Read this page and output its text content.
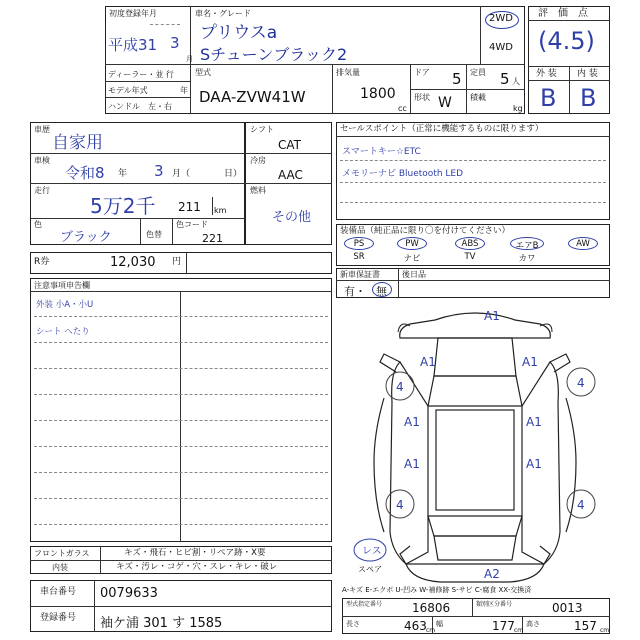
初度登録年月
平成31 3
月
車名・グレード
プリウスa
Sチューンブラック2
2WD
4WD
評　価　点
(4.5)
外 装 内 装
B B
ディーラー・並 行
モデル年式	年
ハンドル　左・右
型式
DAA-ZVW41W
排気量
1800
cc
ドア 5
形状 W
定員 5 人
積載
kg
車歴
自家用
車検
令和8 年 3 月（	日）
走行
5万2千 211 km
色
ブラック	色替
色コード
221
シフト
CAT
冷房
AAC
燃料
その他
セールスポイント（正常に機能するものに限ります）
スマートキー☆ETC
メモリーナビ Bluetooth LED
装備品（純正品に限り〇を付けてください）
PS	PW	ABS	エアB	AW
SR	ナビ	TV	カワ
新車保証書	後日品
有・ 無
R券	12,030 円
注意事項申告欄
外装 小A・小U
シート へたり
フロントガラス	キズ・飛石・ヒビ割・リペア跡・X要
内装	キズ・汚レ・コゲ・穴・スレ・キレ・破レ
車台番号 0079633
登録番号 袖ケ浦 301 す 1585
型式指定番号 16806	類別区分番号	0013
長さ	463 cm
幅	177 cm
高さ	157 cm
A-キズ E-エクボ U-凹み W-補修跡 S-サビ C-腐食 XX-交換済
A1
A1	A1
A1	A1
A1	A1
A2
4	4
4	4
レス
スペア
